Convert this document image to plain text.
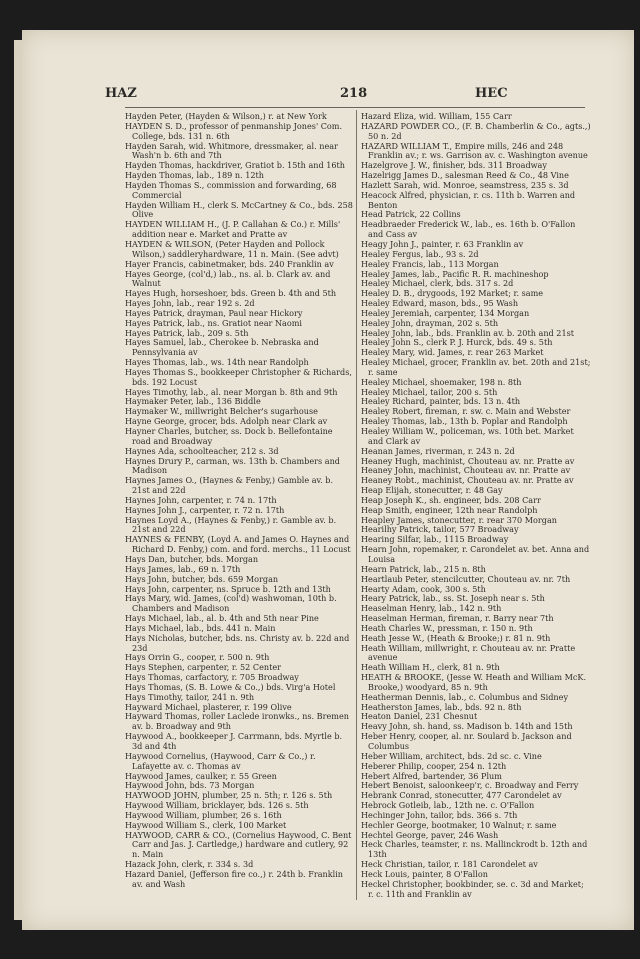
HAZ	218	HEC
Hayden Peter, (Hayden & Wilson,) r. at New York
HAYDEN S. D., professor of penmanship Jones' Com. College, bds. 131 n. 6th
Hayden Sarah, wid. Whitmore, dressmaker, al. near Wash'n b. 6th and 7th
Hayden Thomas, hackdriver, Gratiot b. 15th and 16th
Hayden Thomas, lab., 189 n. 12th
Hayden Thomas S., commission and forwarding, 68 Commercial
Hayden William H., clerk S. McCartney & Co., bds. 258 Olive
HAYDEN WILLIAM H., (J. P. Callahan & Co.) r. Mills' addition near e. Market and Pratte av
HAYDEN & WILSON, (Peter Hayden and Pollock Wilson,) saddleryhardware, 11 n. Main. (See advt)
Hayer Francis, cabinetmaker, bds. 240 Franklin av
Hayes George, (col'd,) lab., ns. al. b. Clark av. and Walnut
Hayes Hugh, horseshoer, bds. Green b. 4th and 5th
Hayes John, lab., rear 192 s. 2d
Hayes Patrick, drayman, Paul near Hickory
Hayes Patrick, lab., ns. Gratiot near Naomi
Hayes Patrick, lab., 209 s. 5th
Hayes Samuel, lab., Cherokee b. Nebraska and Pennsylvania av
Hayes Thomas, lab., ws. 14th near Randolph
Hayes Thomas S., bookkeeper Christopher & Richards, bds. 192 Locust
Hayes Timothy, lab., al. near Morgan b. 8th and 9th
Haymaker Peter, lab., 136 Biddle
Haymaker W., millwright Belcher's sugarhouse
Hayne George, grocer, bds. Adolph near Clark av
Hayner Charles, butcher, ss. Dock b. Bellefontaine road and Broadway
Haynes Ada, schoolteacher, 212 s. 3d
Haynes Drury P., carman, ws. 13th b. Chambers and Madison
Haynes James O., (Haynes & Fenby,) Gamble av. b. 21st and 22d
Haynes John, carpenter, r. 74 n. 17th
Haynes John J., carpenter, r. 72 n. 17th
Haynes Loyd A., (Haynes & Fenby,) r. Gamble av. b. 21st and 22d
HAYNES & FENBY, (Loyd A. and James O. Haynes and Richard D. Fenby,) com. and ford. merchs., 11 Locust
Hays Dan, butcher, bds. Morgan
Hays James, lab., 69 n. 17th
Hays John, butcher, bds. 659 Morgan
Hays John, carpenter, ns. Spruce b. 12th and 13th
Hays Mary, wid. James, (col'd) washwoman, 10th b. Chambers and Madison
Hays Michael, lab., al. b. 4th and 5th near Pine
Hays Michael, lab., bds. 441 n. Main
Hays Nicholas, butcher, bds. ns. Christy av. b. 22d and 23d
Hays Orrin G., cooper, r. 500 n. 9th
Hays Stephen, carpenter, r. 52 Center
Hays Thomas, carfactory, r. 705 Broadway
Hays Thomas, (S. B. Lowe & Co.,) bds. Virg'a Hotel
Hays Timothy, tailor, 241 n. 9th
Hayward Michael, plasterer, r. 199 Olive
Hayward Thomas, roller Laclede ironwks., ns. Bremen av. b. Broadway and 9th
Haywood A., bookkeeper J. Carrmann, bds. Myrtle b. 3d and 4th
Haywood Cornelius, (Haywood, Carr & Co.,) r. Lafayette av. c. Thomas av
Haywood James, caulker, r. 55 Green
Haywood John, bds. 73 Morgan
HAYWOOD JOHN, plumber, 25 n. 5th; r. 126 s. 5th
Haywood William, bricklayer, bds. 126 s. 5th
Haywood William, plumber, 26 s. 16th
Haywood William S., clerk, 100 Market
HAYWOOD, CARR & CO., (Cornelius Haywood, C. Bent Carr and Jas. J. Cartledge,) hardware and cutlery, 92 n. Main
Hazack John, clerk, r. 334 s. 3d
Hazard Daniel, (Jefferson fire co.,) r. 24th b. Franklin av. and Wash
Hazard Eliza, wid. William, 155 Carr
HAZARD POWDER CO., (F. B. Chamberlin & Co., agts.,) 50 n. 2d
HAZARD WILLIAM T., Empire mills, 246 and 248 Franklin av.; r. ws. Garrison av. c. Washington avenue
Hazelgrove J. W., finisher, bds. 311 Broadway
Hazelrigg James D., salesman Reed & Co., 48 Vine
Hazlett Sarah, wid. Monroe, seamstress, 235 s. 3d
Heacock Alfred, physician, r. cs. 11th b. Warren and Benton
Head Patrick, 22 Collins
Headbraeder Frederick W., lab., es. 16th b. O'Fallon and Cass av
Heagy John J., painter, r. 63 Franklin av
Healey Fergus, lab., 93 s. 2d
Healey Francis, lab., 113 Morgan
Healey James, lab., Pacific R. R. machineshop
Healey Michael, clerk, bds. 317 s. 2d
Healey D. B., drygoods, 192 Market; r. same
Healey Edward, mason, bds., 95 Wash
Healey Jeremiah, carpenter, 134 Morgan
Healey John, drayman, 202 s. 5th
Healey John, lab., bds. Franklin av. b. 20th and 21st
Healey John S., clerk P. J. Hurck, bds. 49 s. 5th
Healey Mary, wid. James, r. rear 263 Market
Healey Michael, grocer, Franklin av. bet. 20th and 21st; r. same
Healey Michael, shoemaker, 198 n. 8th
Healey Michael, tailor, 200 s. 5th
Healey Richard, painter, bds. 13 n. 4th
Healey Robert, fireman, r. sw. c. Main and Webster
Healey Thomas, lab., 13th b. Poplar and Randolph
Healey William W., policeman, ws. 10th bet. Market and Clark av
Heanan James, riverman, r. 243 n. 2d
Heaney Hugh, machinist, Chouteau av. nr. Pratte av
Heaney John, machinist, Chouteau av. nr. Pratte av
Heaney Robt., machinist, Chouteau av. nr. Pratte av
Heap Elijah, stonecutter, r. 48 Gay
Heap Joseph K., sh. engineer, bds. 208 Carr
Heap Smith, engineer, 12th near Randolph
Heapley James, stonecutter, r. rear 370 Morgan
Hearilhy Patrick, tailor, 577 Broadway
Hearing Silfar, lab., 1115 Broadway
Hearn John, ropemaker, r. Carondelet av. bet. Anna and Louisa
Hearn Patrick, lab., 215 n. 8th
Heartlaub Peter, stencilcutter, Chouteau av. nr. 7th
Hearty Adam, cook, 300 s. 5th
Heary Patrick, lab., ss. St. Joseph near s. 5th
Heaselman Henry, lab., 142 n. 9th
Heaselman Herman, fireman, r. Barry near 7th
Heath Charles W., pressman, r. 150 n. 9th
Heath Jesse W., (Heath & Brooke;) r. 81 n. 9th
Heath William, millwright, r. Chouteau av. nr. Pratte avenue
Heath William H., clerk, 81 n. 9th
HEATH & BROOKE, (Jesse W. Heath and William McK. Brooke,) woodyard, 85 n. 9th
Heatherman Dennis, lab., c. Columbus and Sidney
Heatherston James, lab., bds. 92 n. 8th
Heaton Daniel, 231 Chesnut
Heavy John, sh. hand, ss. Madison b. 14th and 15th
Heber Henry, cooper, al. nr. Soulard b. Jackson and Columbus
Heber William, architect, bds. 2d sc. c. Vine
Heberer Philip, cooper, 254 n. 12th
Hebert Alfred, bartender, 36 Plum
Hebert Benoist, saloonkeep'r, c. Broadway and Ferry
Hebrank Conrad, stonecutter, 477 Carondelet av
Hebrock Gotleib, lab., 12th ne. c. O'Fallon
Hechinger John, tailor, bds. 366 s. 7th
Hechler George, bootmaker, 10 Walnut; r. same
Hechtel George, paver, 246 Wash
Heck Charles, teamster, r. ns. Mallinckrodt b. 12th and 13th
Heck Christian, tailor, r. 181 Carondelet av
Heck Louis, painter, 8 O'Fallon
Heckel Christopher, bookbinder, se. c. 3d and Market; r. c. 11th and Franklin av
